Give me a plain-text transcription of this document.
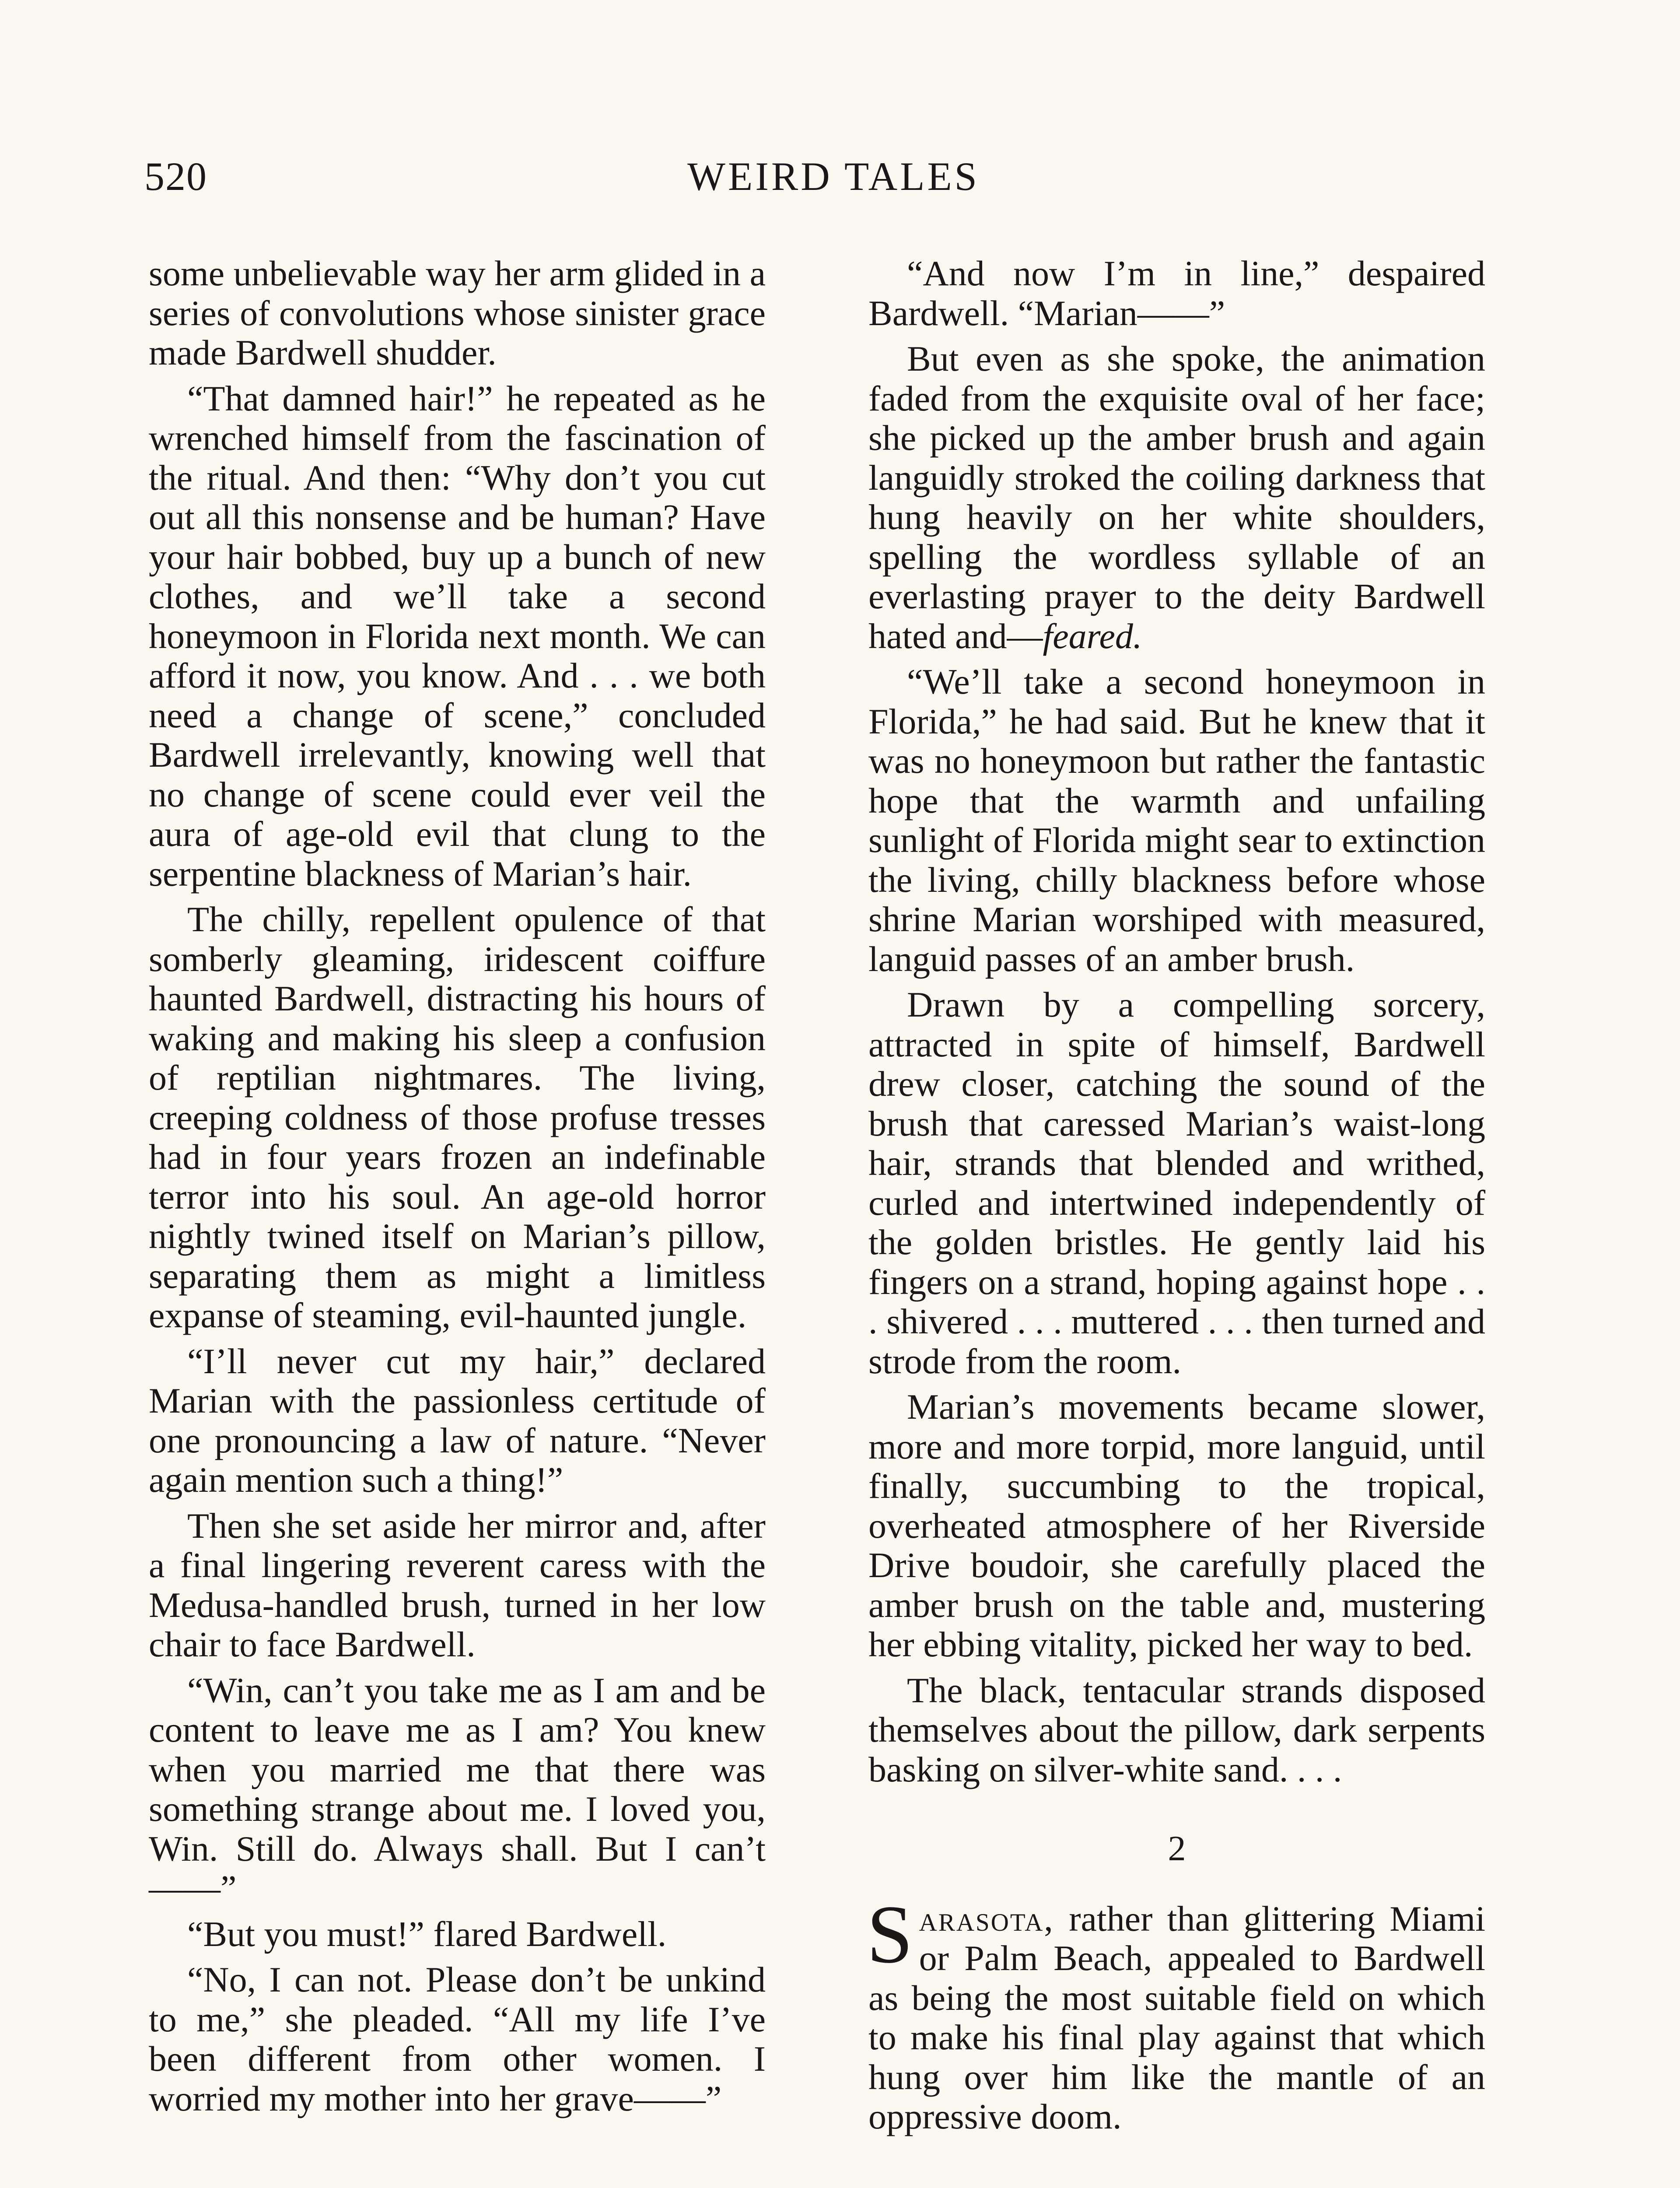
520	WEIRD TALES

some unbelievable way her arm glided in a series of convolutions whose sinister grace made Bardwell shudder.

“That damned hair!” he repeated as he wrenched himself from the fascination of the ritual. And then: “Why don’t you cut out all this nonsense and be human? Have your hair bobbed, buy up a bunch of new clothes, and we’ll take a second honeymoon in Florida next month. We can afford it now, you know. And . . . we both need a change of scene,” concluded Bardwell irrelevantly, knowing well that no change of scene could ever veil the aura of age-old evil that clung to the serpentine blackness of Marian’s hair.

The chilly, repellent opulence of that somberly gleaming, iridescent coiffure haunted Bardwell, distracting his hours of waking and making his sleep a confusion of reptilian nightmares. The living, creeping coldness of those profuse tresses had in four years frozen an indefinable terror into his soul. An age-old horror nightly twined itself on Marian’s pillow, separating them as might a limitless expanse of steaming, evil-haunted jungle.

“I’ll never cut my hair,” declared Marian with the passionless certitude of one pronouncing a law of nature. “Never again mention such a thing!”

Then she set aside her mirror and, after a final lingering reverent caress with the Medusa-handled brush, turned in her low chair to face Bardwell.

“Win, can’t you take me as I am and be content to leave me as I am? You knew when you married me that there was something strange about me. I loved you, Win. Still do. Always shall. But I can’t——”

“But you must!” flared Bardwell.

“No, I can not. Please don’t be unkind to me,” she pleaded. “All my life I’ve been different from other women. I worried my mother into her grave——”

“And now I’m in line,” despaired Bardwell. “Marian——”

But even as she spoke, the animation faded from the exquisite oval of her face; she picked up the amber brush and again languidly stroked the coiling darkness that hung heavily on her white shoulders, spelling the wordless syllable of an everlasting prayer to the deity Bardwell hated and—feared.

“We’ll take a second honeymoon in Florida,” he had said. But he knew that it was no honeymoon but rather the fantastic hope that the warmth and unfailing sunlight of Florida might sear to extinction the living, chilly blackness before whose shrine Marian worshiped with measured, languid passes of an amber brush.

Drawn by a compelling sorcery, attracted in spite of himself, Bardwell drew closer, catching the sound of the brush that caressed Marian’s waist-long hair, strands that blended and writhed, curled and intertwined independently of the golden bristles. He gently laid his fingers on a strand, hoping against hope . . . shivered . . . muttered . . . then turned and strode from the room.

Marian’s movements became slower, more and more torpid, more languid, until finally, succumbing to the tropical, overheated atmosphere of her Riverside Drive boudoir, she carefully placed the amber brush on the table and, mustering her ebbing vitality, picked her way to bed.

The black, tentacular strands disposed themselves about the pillow, dark serpents basking on silver-white sand. . . .

2

Sarasota, rather than glittering Miami or Palm Beach, appealed to Bardwell as being the most suitable field on which to make his final play against that which hung over him like the mantle of an oppressive doom.
